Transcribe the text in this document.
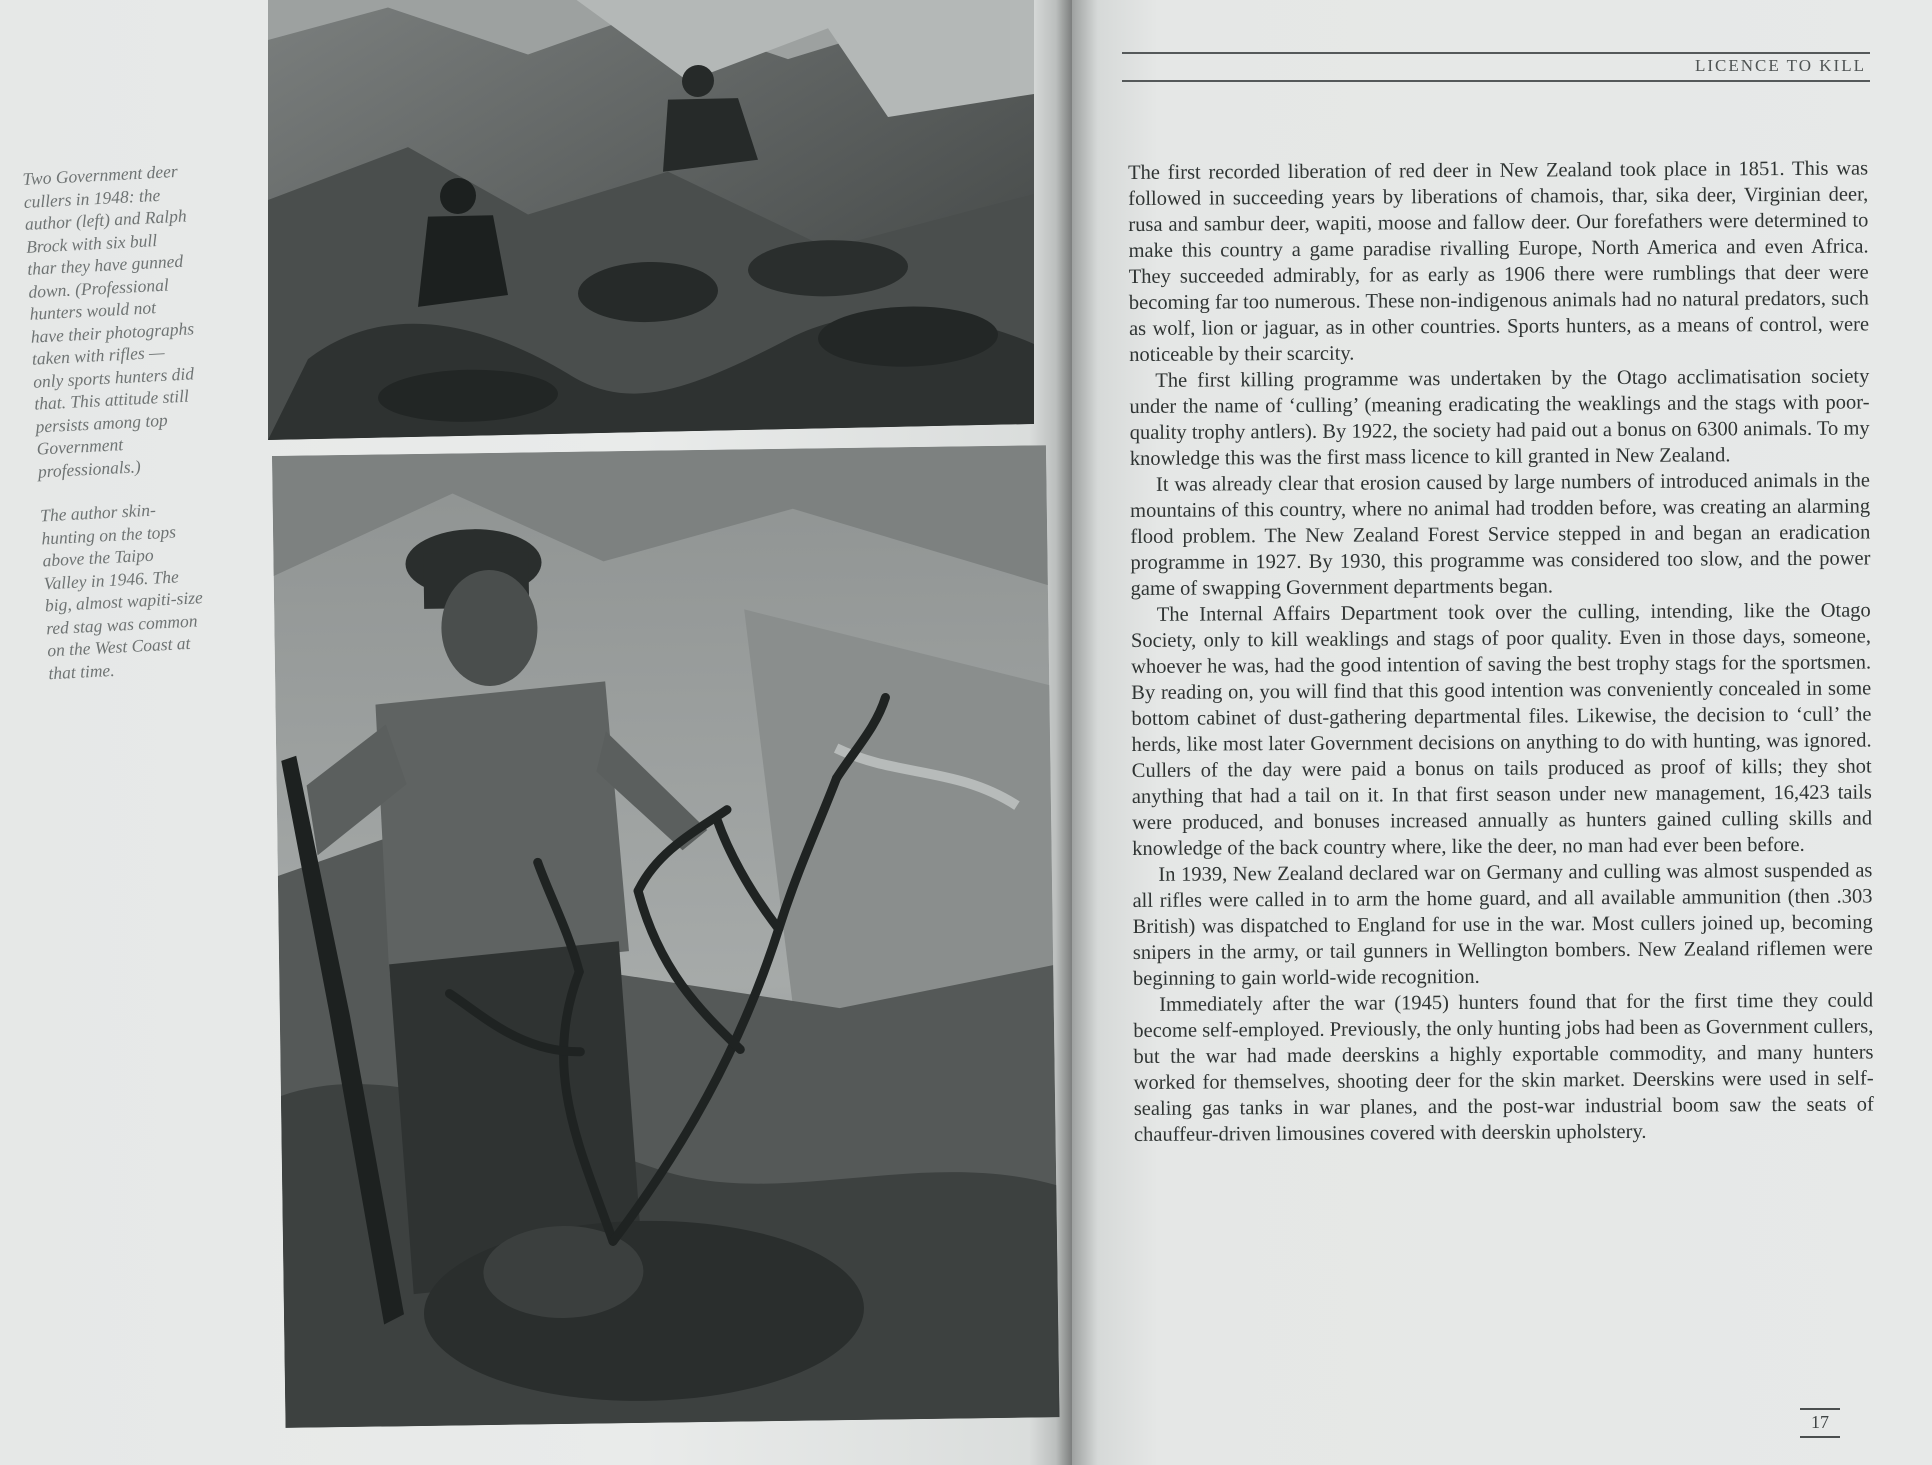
Two Government deer
cullers in 1948: the
author (left) and Ralph
Brock with six bull
thar they have gunned
down. (Professional
hunters would not
have their photographs
taken with rifles —
only sports hunters did
that. This attitude still
persists among top
Government
professionals.)

The author skin-
hunting on the tops
above the Taipo
Valley in 1946. The
big, almost wapiti-size
red stag was common
on the West Coast at
that time.

LICENCE TO KILL

The first recorded liberation of red deer in New Zealand took place in 1851. This was followed in succeeding years by liberations of chamois, thar, sika deer, Virginian deer, rusa and sambur deer, wapiti, moose and fallow deer. Our forefathers were determined to make this country a game paradise rivalling Europe, North America and even Africa. They succeeded admirably, for as early as 1906 there were rumblings that deer were becoming far too numerous. These non-indigenous animals had no natural predators, such as wolf, lion or jaguar, as in other countries. Sports hunters, as a means of control, were noticeable by their scarcity.

The first killing programme was undertaken by the Otago acclimatisation society under the name of ‘culling’ (meaning eradicating the weaklings and the stags with poor-quality trophy antlers). By 1922, the society had paid out a bonus on 6300 animals. To my knowledge this was the first mass licence to kill granted in New Zealand.

It was already clear that erosion caused by large numbers of introduced animals in the mountains of this country, where no animal had trodden before, was creating an alarming flood problem. The New Zealand Forest Service stepped in and began an eradication programme in 1927. By 1930, this programme was considered too slow, and the power game of swapping Government departments began.

The Internal Affairs Department took over the culling, intending, like the Otago Society, only to kill weaklings and stags of poor quality. Even in those days, someone, whoever he was, had the good intention of saving the best trophy stags for the sportsmen. By reading on, you will find that this good intention was conveniently concealed in some bottom cabinet of dust-gathering departmental files. Likewise, the decision to ‘cull’ the herds, like most later Government decisions on anything to do with hunting, was ignored. Cullers of the day were paid a bonus on tails produced as proof of kills; they shot anything that had a tail on it. In that first season under new management, 16,423 tails were produced, and bonuses increased annually as hunters gained culling skills and knowledge of the back country where, like the deer, no man had ever been before.

In 1939, New Zealand declared war on Germany and culling was almost suspended as all rifles were called in to arm the home guard, and all available ammunition (then .303 British) was dispatched to England for use in the war. Most cullers joined up, becoming snipers in the army, or tail gunners in Wellington bombers. New Zealand riflemen were beginning to gain world-wide recognition.

Immediately after the war (1945) hunters found that for the first time they could become self-employed. Previously, the only hunting jobs had been as Government cullers, but the war had made deerskins a highly exportable commodity, and many hunters worked for themselves, shooting deer for the skin market. Deerskins were used in self-sealing gas tanks in war planes, and the post-war industrial boom saw the seats of chauffeur-driven limousines covered with deerskin upholstery.

17
